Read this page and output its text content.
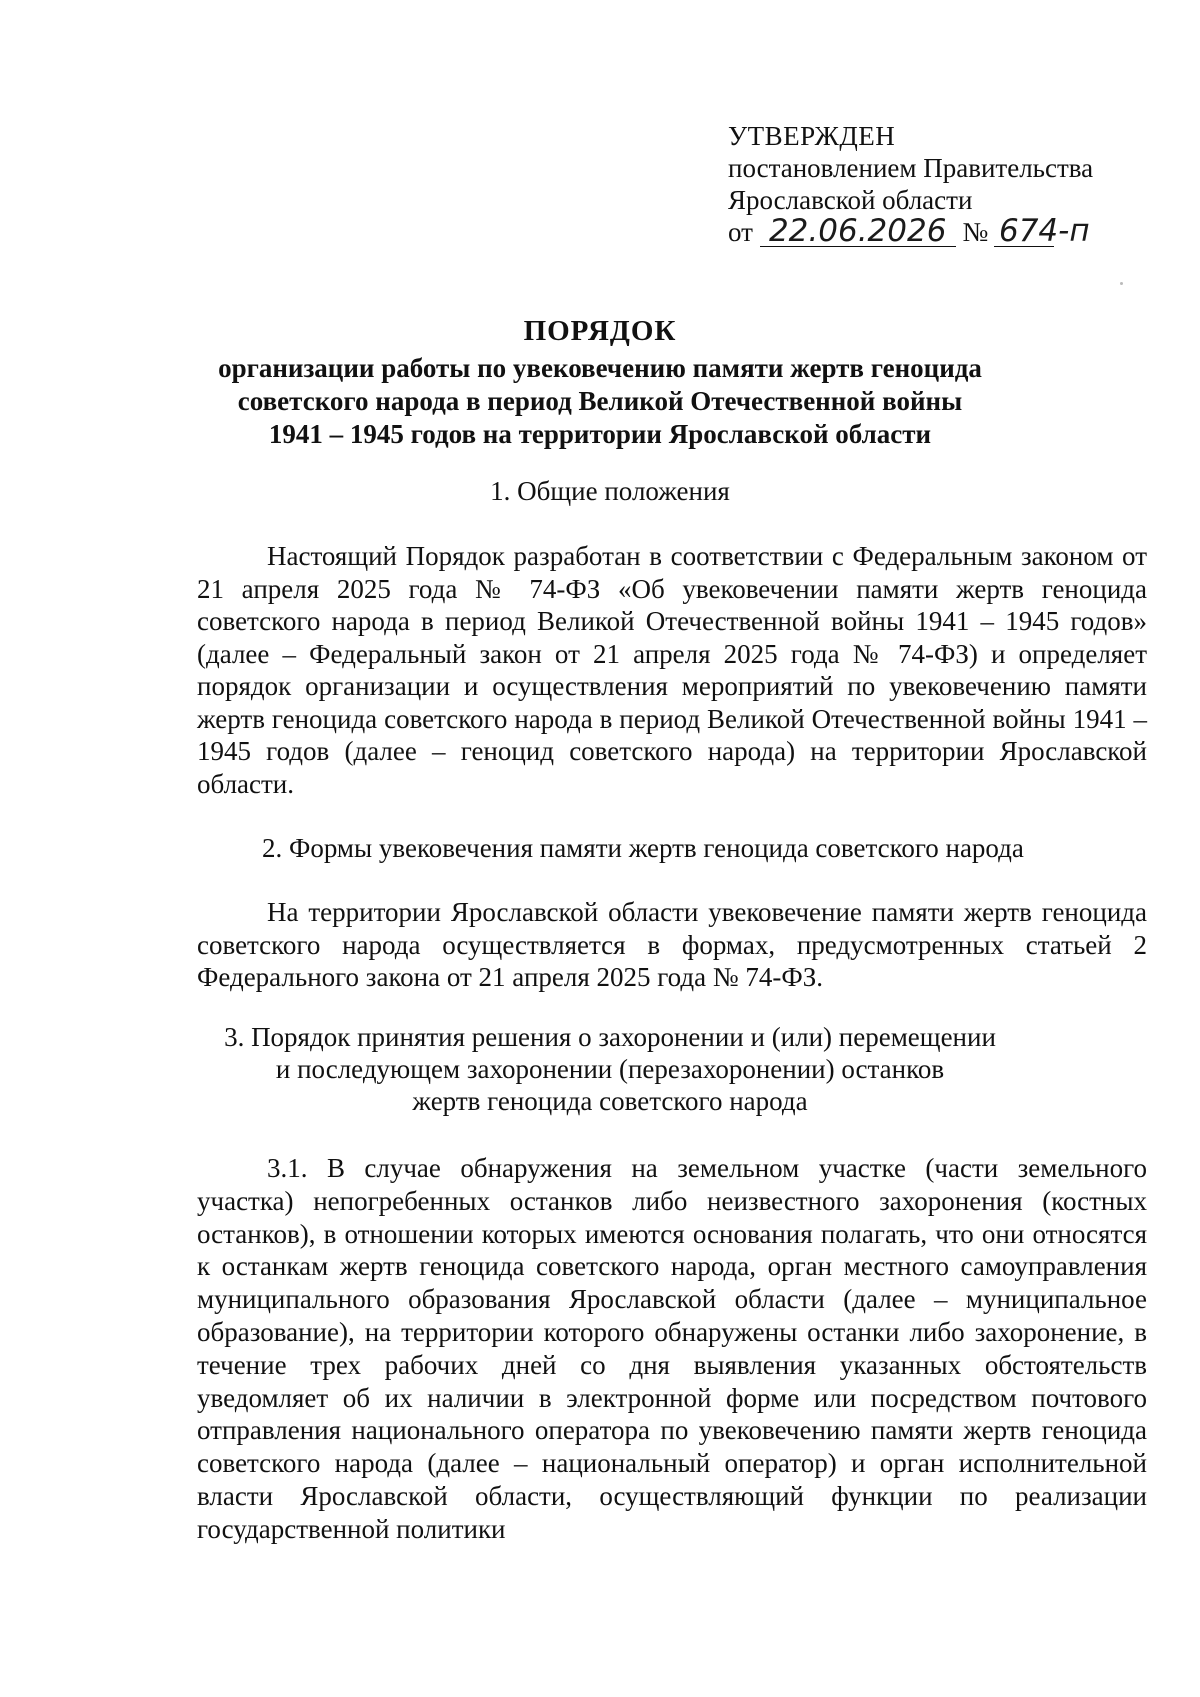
УТВЕРЖДЕН
постановлением Правительства
Ярославской области
от 22.06.2026 № 674-п
ПОРЯДОК
организации работы по увековечению памяти жертв геноцида
советского народа в период Великой Отечественной войны
1941 – 1945 годов на территории Ярославской области
1. Общие положения
Настоящий Порядок разработан в соответствии с Федеральным законом от 21 апреля 2025 года № 74-ФЗ «Об увековечении памяти жертв геноцида советского народа в период Великой Отечественной войны 1941 – 1945 годов» (далее – Федеральный закон от 21 апреля 2025 года № 74-ФЗ) и определяет порядок организации и осуществления мероприятий по увековечению памяти жертв геноцида советского народа в период Великой Отечественной войны 1941 – 1945 годов (далее – геноцид советского народа) на территории Ярославской области.
2. Формы увековечения памяти жертв геноцида советского народа
На территории Ярославской области увековечение памяти жертв геноцида советского народа осуществляется в формах, предусмотренных статьей 2 Федерального закона от 21 апреля 2025 года № 74-ФЗ.
3. Порядок принятия решения о захоронении и (или) перемещении
и последующем захоронении (перезахоронении) останков
жертв геноцида советского народа
3.1. В случае обнаружения на земельном участке (части земельного участка) непогребенных останков либо неизвестного захоронения (костных останков), в отношении которых имеются основания полагать, что они относятся к останкам жертв геноцида советского народа, орган местного самоуправления муниципального образования Ярославской области (далее – муниципальное образование), на территории которого обнаружены останки либо захоронение, в течение трех рабочих дней со дня выявления указанных обстоятельств уведомляет об их наличии в электронной форме или посредством почтового отправления национального оператора по увековечению памяти жертв геноцида советского народа (далее – национальный оператор) и орган исполнительной власти Ярославской области, осуществляющий функции по реализации государственной политики
